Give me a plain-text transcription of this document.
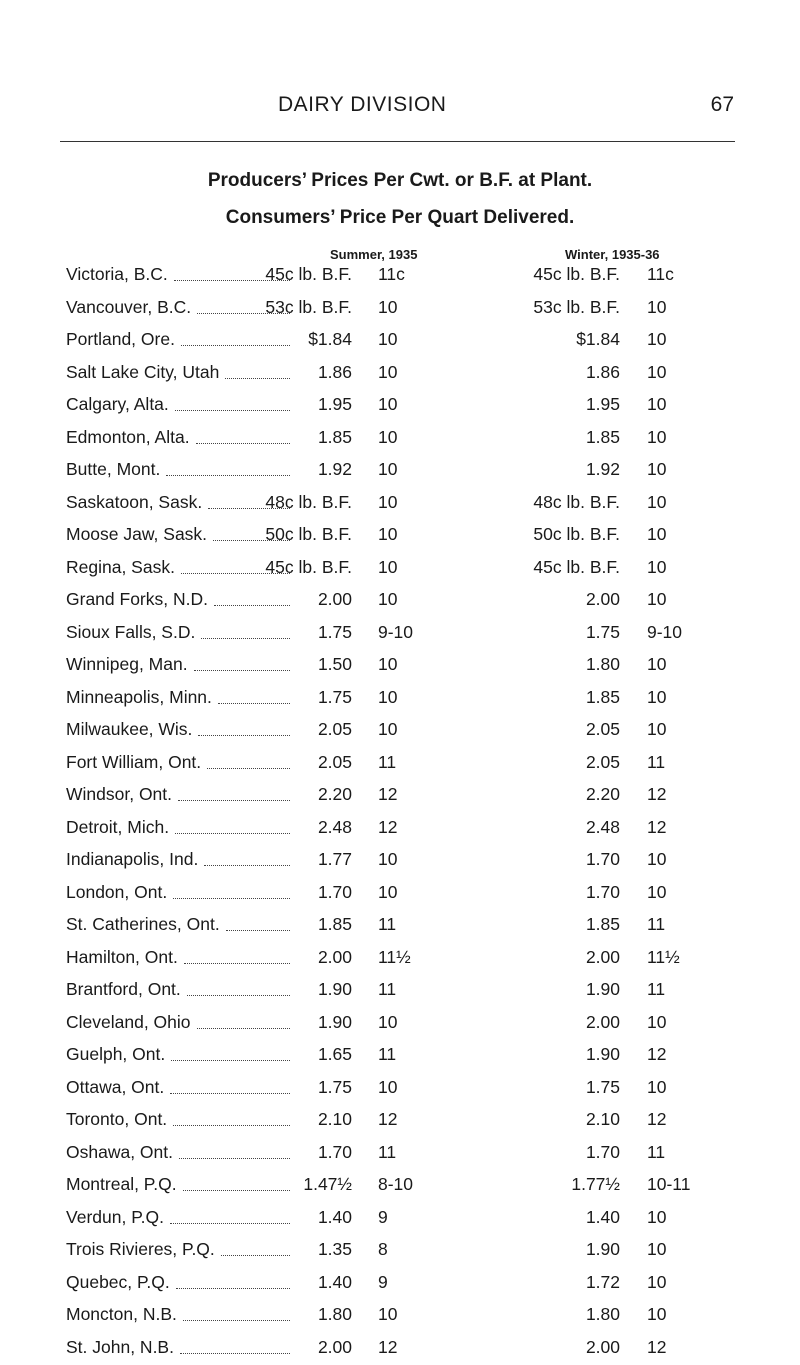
DAIRY DIVISION	67
Producers’ Prices Per Cwt. or B.F. at Plant.
Consumers’ Price Per Quart Delivered.
Summer, 1935	Winter, 1935-36
Victoria, B.C.	45c lb. B.F. 11c	45c lb. B.F. 11c
Vancouver, B.C.	53c lb. B.F. 10	53c lb. B.F. 10
Portland, Ore.	$1.84 10	$1.84 10
Salt Lake City, Utah	1.86 10	1.86 10
Calgary, Alta.	1.95 10	1.95 10
Edmonton, Alta.	1.85 10	1.85 10
Butte, Mont.	1.92 10	1.92 10
Saskatoon, Sask.	48c lb. B.F. 10	48c lb. B.F. 10
Moose Jaw, Sask.	50c lb. B.F. 10	50c lb. B.F. 10
Regina, Sask.	45c lb. B.F. 10	45c lb. B.F. 10
Grand Forks, N.D.	2.00 10	2.00 10
Sioux Falls, S.D.	1.75 9-10	1.75 9-10
Winnipeg, Man.	1.50 10	1.80 10
Minneapolis, Minn.	1.75 10	1.85 10
Milwaukee, Wis.	2.05 10	2.05 10
Fort William, Ont.	2.05 11	2.05 11
Windsor, Ont.	2.20 12	2.20 12
Detroit, Mich.	2.48 12	2.48 12
Indianapolis, Ind.	1.77 10	1.70 10
London, Ont.	1.70 10	1.70 10
St. Catherines, Ont.	1.85 11	1.85 11
Hamilton, Ont.	2.00 11½	2.00 11½
Brantford, Ont.	1.90 11	1.90 11
Cleveland, Ohio	1.90 10	2.00 10
Guelph, Ont.	1.65 11	1.90 12
Ottawa, Ont.	1.75 10	1.75 10
Toronto, Ont.	2.10 12	2.10 12
Oshawa, Ont.	1.70 11	1.70 11
Montreal, P.Q.	1.47½ 8-10	1.77½ 10-11
Verdun, P.Q.	1.40 9	1.40 10
Trois Rivieres, P.Q.	1.35 8	1.90 10
Quebec, P.Q.	1.40 9	1.72 10
Moncton, N.B.	1.80 10	1.80 10
St. John, N.B.	2.00 12	2.00 12
